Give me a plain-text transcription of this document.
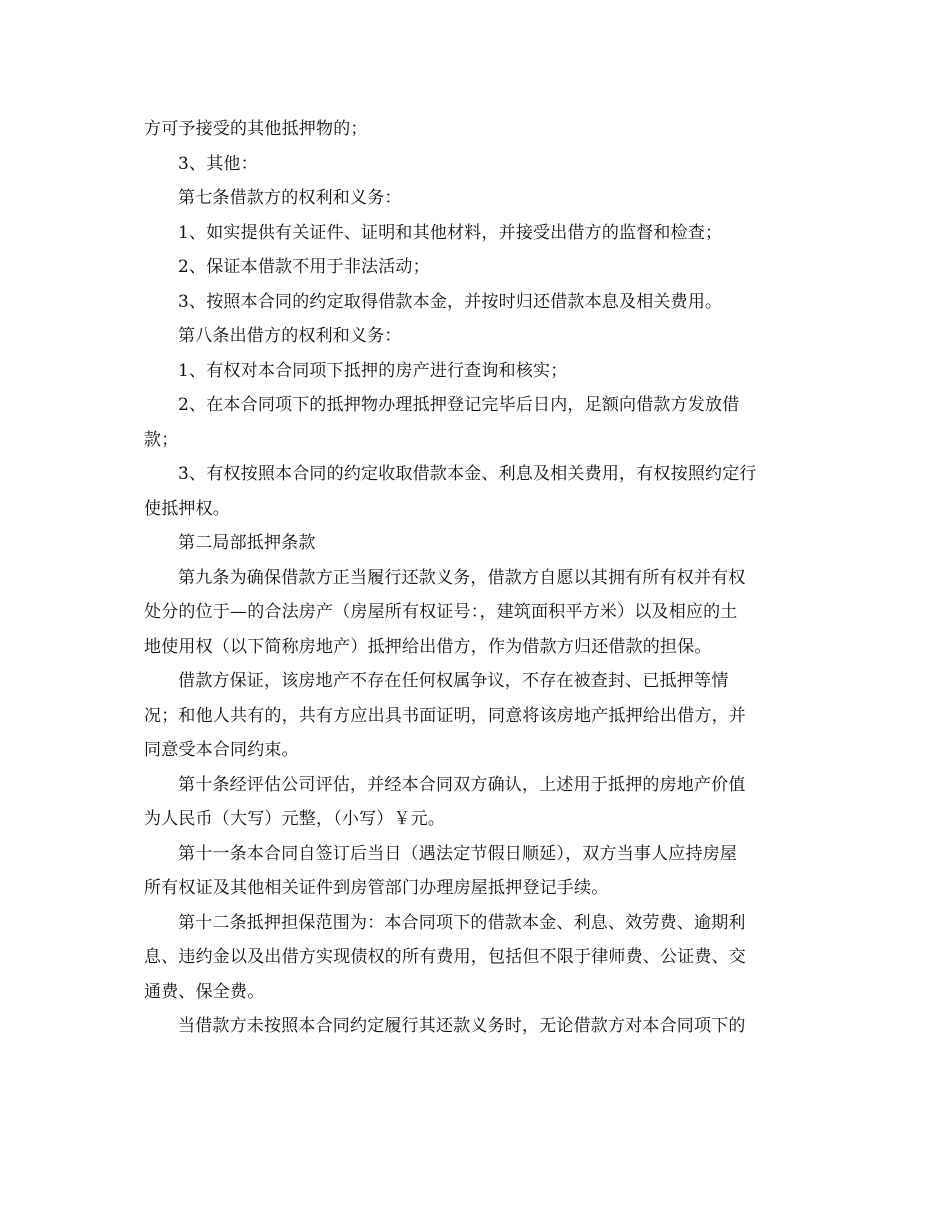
方可予接受的其他抵押物的；
3、其他：
第七条借款方的权利和义务：
1、如实提供有关证件、证明和其他材料，并接受出借方的监督和检查；
2、保证本借款不用于非法活动；
3、按照本合同的约定取得借款本金，并按时归还借款本息及相关费用。
第八条出借方的权利和义务：
1、有权对本合同项下抵押的房产进行查询和核实；
2、在本合同项下的抵押物办理抵押登记完毕后日内，足额向借款方发放借
款；
3、有权按照本合同的约定收取借款本金、利息及相关费用，有权按照约定行
使抵押权。
第二局部抵押条款
第九条为确保借款方正当履行还款义务，借款方自愿以其拥有所有权并有权
处分的位于—的合法房产（房屋所有权证号：，建筑面积平方米）以及相应的土
地使用权（以下简称房地产）抵押给出借方，作为借款方归还借款的担保。
借款方保证，该房地产不存在任何权属争议，不存在被查封、已抵押等情
况；和他人共有的，共有方应出具书面证明，同意将该房地产抵押给出借方，并
同意受本合同约束。
第十条经评估公司评估，并经本合同双方确认，上述用于抵押的房地产价值
为人民币（大写）元整，（小写）￥元。
第十一条本合同自签订后当日（遇法定节假日顺延），双方当事人应持房屋
所有权证及其他相关证件到房管部门办理房屋抵押登记手续。
第十二条抵押担保范围为：本合同项下的借款本金、利息、效劳费、逾期利
息、违约金以及出借方实现债权的所有费用，包括但不限于律师费、公证费、交
通费、保全费。
当借款方未按照本合同约定履行其还款义务时，无论借款方对本合同项下的
